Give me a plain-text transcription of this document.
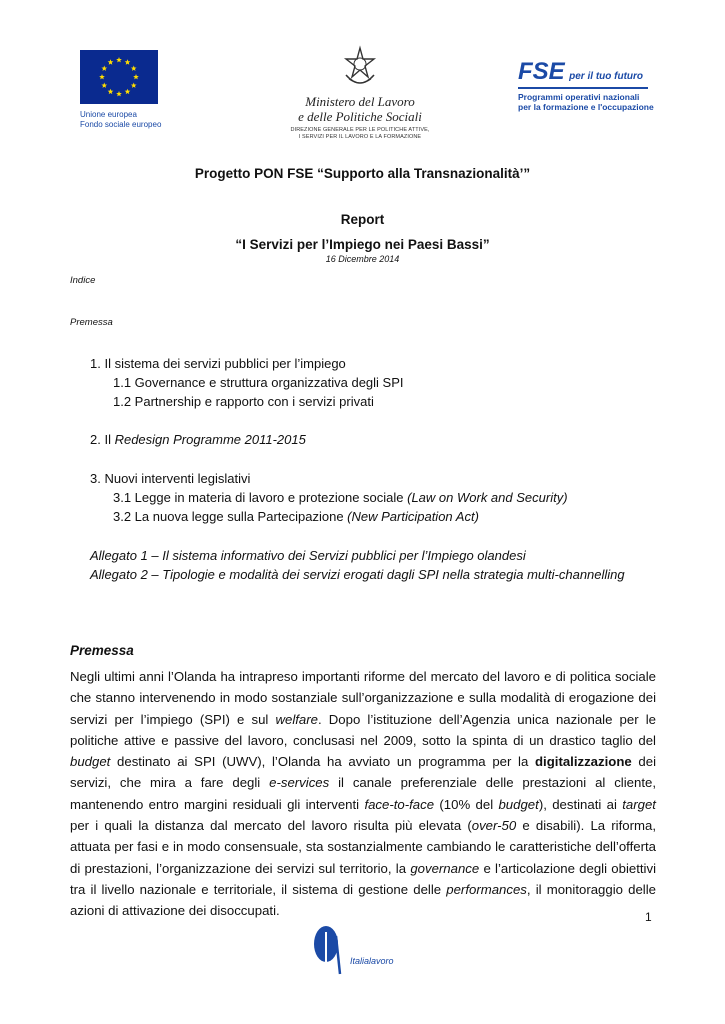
Unione europea
Fondo sociale europeo
Ministero del Lavoro
e delle Politiche Sociali
DIREZIONE GENERALE PER LE POLITICHE ATTIVE,
I SERVIZI PER IL LAVORO E LA FORMAZIONE
FSE per il tuo futuro
Programmi operativi nazionali
per la formazione e l'occupazione
Progetto PON FSE “Supporto alla Transnazionalità’”
Report
“I Servizi per l’Impiego nei Paesi Bassi”
16 Dicembre 2014
Indice
Premessa
1. Il sistema dei servizi pubblici per l’impiego
1.1 Governance e struttura organizzativa degli SPI
1.2 Partnership e rapporto con i servizi privati
2. Il Redesign Programme 2011-2015
3. Nuovi interventi legislativi
3.1 Legge in materia di lavoro e protezione sociale (Law on Work and Security)
3.2 La nuova legge sulla Partecipazione (New Participation Act)
Allegato 1 – Il sistema informativo dei Servizi pubblici per l’Impiego olandesi
Allegato 2 – Tipologie e modalità dei servizi erogati dagli SPI nella strategia multi-channelling
Premessa
Negli ultimi anni l’Olanda ha intrapreso importanti riforme del mercato del lavoro e di politica sociale che stanno intervenendo in modo sostanziale sull’organizzazione e sulla modalità di erogazione dei servizi per l’impiego (SPI) e sul welfare. Dopo l’istituzione dell’Agenzia unica nazionale per le politiche attive e passive del lavoro, conclusasi nel 2009, sotto la spinta di un drastico taglio del budget destinato ai SPI (UWV), l’Olanda ha avviato un programma per la digitalizzazione dei servizi, che mira a fare degli e-services il canale preferenziale delle prestazioni al cliente, mantenendo entro margini residuali gli interventi face-to-face (10% del budget), destinati ai target per i quali la distanza dal mercato del lavoro risulta più elevata (over-50 e disabili). La riforma, attuata per fasi e in modo consensuale, sta sostanzialmente cambiando le caratteristiche dell’offerta di prestazioni, l’organizzazione dei servizi sul territorio, la governance e l’articolazione degli obiettivi tra il livello nazionale e territoriale, il sistema di gestione delle performances, il monitoraggio delle azioni di attivazione dei disoccupati.	1
Italialavoro
